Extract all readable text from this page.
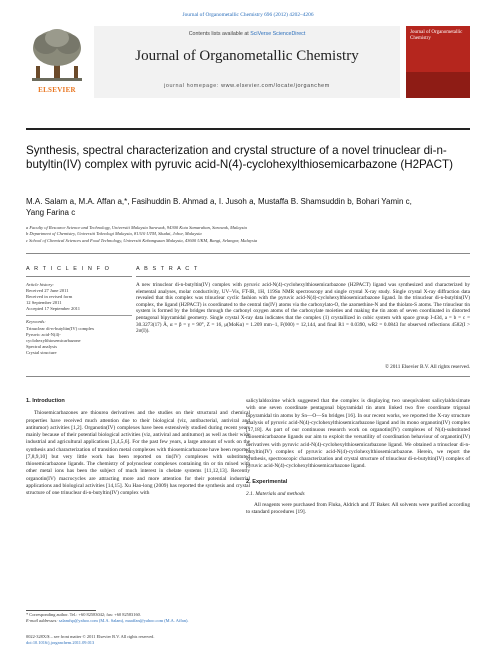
Journal of Organometallic Chemistry 696 (2012) 4202–4206
ELSEVIER
Contents lists available at SciVerse ScienceDirect
Journal of Organometallic Chemistry
journal homepage: www.elsevier.com/locate/jorganchem
Journal of Organometallic Chemistry
Synthesis, spectral characterization and crystal structure of a novel trinuclear di-n-butyltin(IV) complex with pyruvic acid-N(4)-cyclohexylthiosemicarbazone (H2PACT)
M.A. Salam a, M.A. Affan a,*, Fasihuddin B. Ahmad a, I. Jusoh a, Mustaffa B. Shamsuddin b, Bohari Yamin c,
Yang Farina c
a Faculty of Resource Science and Technology, Universiti Malaysia Sarawak, 94300 Kota Samarahan, Sarawak, Malaysia
b Department of Chemistry, Universiti Teknologi Malaysia, 81310 UTM, Skudai, Johor, Malaysia
c School of Chemical Sciences and Food Technology, Universiti Kebangsaan Malaysia, 43600 UKM, Bangi, Selangor, Malaysia
A R T I C L E I N F O	A B S T R A C T
Article history:
Received 27 June 2011
Received in revised form
12 September 2011
Accepted 17 September 2011
Keywords:
Trinuclear di-n-butyltin(IV) complex
Pyruvic acid-N(4)-
cyclohexylthiosemicarbazone
Spectral analysis
Crystal structure
A new trinuclear di-n-butyltin(IV) complex with pyruvic acid-N(4)-cyclohexylthiosemicarbazone (H2PACT) ligand was synthesized and characterized by elemental analyses, molar conductivity, UV–Vis, FT-IR, 1H, 119Sn NMR spectroscopy and single crystal X-ray study. Single crystal X-ray diffraction data revealed that this complex was trinuclear cyclic fashion with the pyruvic acid-N(4)-cyclohexylthiosemicarbazone ligand. In the trinuclear di-n-butyltin(IV) complex, the ligand (H2PACT) is coordinated to the central tin(IV) atoms via the carboxylato-O, the azomethine-N and the thiolato-S atoms. The trinuclear tin system is formed by the bridges through the carbonyl oxygen atoms of the carboxylate moieties and making the tin atom of seven coordinated in distorted pentagonal bipyramidal geometry. Single crystal X-ray data indicates that the complex (1) crystallized in cubic system with space group I-43d, a = b = c = 30.3273(17) Å, α = β = γ = 90°, Z = 16, μ(MoKα) = 1.209 mm−1, F(000) = 12,144, and final R1 = 0.0390, wR2 = 0.0843 for observed reflections 4582(I > 2σ(I)).
© 2011 Elsevier B.V. All rights reserved.
1. Introduction

Thiosemicarbazones are thiourea derivatives and the studies on their structural and chemical properties have received much attention due to their biological (viz, antibacterial, antiviral and antitumor) activities [1,2]. Organotin(IV) complexes have been extensively studied during recent years mainly because of their potential biological activities (viz, antiviral and antitumor) as well as their wide industrial and agricultural applications [3,4,5,6]. For the past few years, a large amount of work on the synthesis and characterization of transition metal complexes with thiosemicarbazone have been reported [7,8,9,10] but very little work has been reported on tin(IV) complexes with substituted thiosemicarbazone ligands. The chemistry of polynuclear complexes containing tin or tin mixed with other metal ions has been the subject of much interest in chelate systems [11,12,13]. Recently organotin(IV) macrocycles are attracting more and more attention for their potential industrial applications and biological activities [14,15]. Xu Hao-long (2009) has reported the synthesis and crystal structure of one trinuclear di-n-butyltin(IV) complex with

salicylaldoxime which suggested that the complex is displaying two unequivalent salicylaldoximate with one seven coordinate pentagonal bipyramidal tin atom linked two five coordinate trigonal bipyramidal tin atoms by Sn—O—Sn bridges [16]. In our recent works, we reported the X-ray structure analysis of pyruvic acid-N(4)-cyclohexylthiosemicarbazone ligand and its mono organotin(IV) complex [17,18]. As part of our continuous research work on organotin(IV) complexes of N(4)-substituted thiosemicarbazone ligands our aim to exploit the versatility of coordination behaviour of organotin(IV) derivatives with pyruvic acid-N(4)-cyclohexylthiosemicarbazone ligand. We obtained a trinuclear di-n-butyltin(IV) complex of pyruvic acid-N(4)-cyclohexylthiosemicarbazone. Herein, we report the synthesis, spectroscopic characterization and crystal structure of trinuclear di-n-butyltin(IV) complex of pyruvic acid-N(4)-cyclohexylthiosemicarbazone ligand.

2. Experimental
2.1. Materials and methods

All reagents were purchased from Fluka, Aldrich and JT Baker. All solvents were purified according to standard procedures [19].

* Corresponding author. Tel.: +60 82583042; fax: +60 82583160.
E-mail addresses: salamfsp@yahoo.com (M.A. Salam), maaffan@yahoo.com (M.A. Affan).
0022-328X/$ – see front matter © 2011 Elsevier B.V. All rights reserved.
doi:10.1016/j.jorganchem.2011.09.013
